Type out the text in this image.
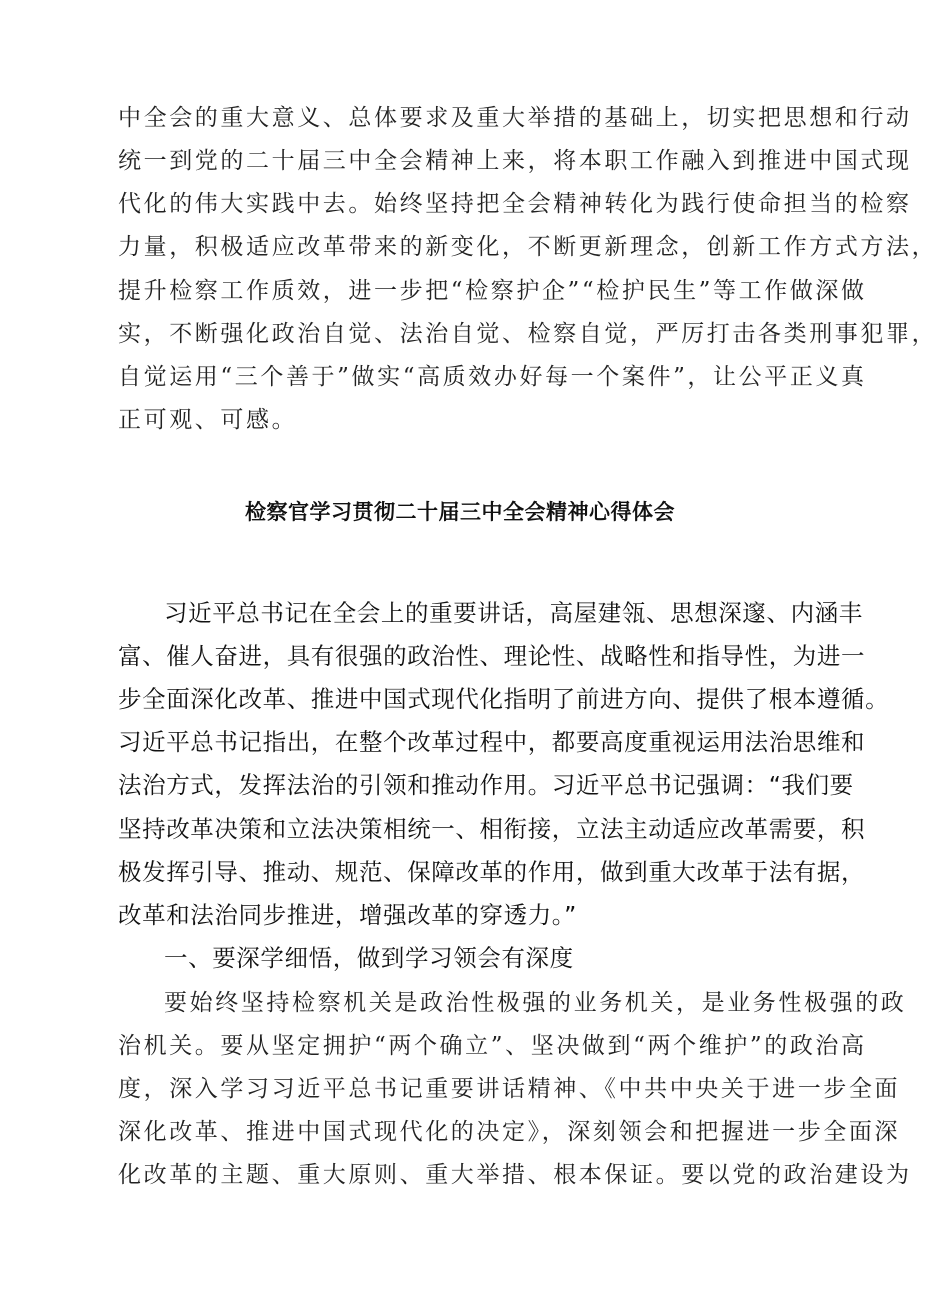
中全会的重大意义、总体要求及重大举措的基础上，切实把思想和行动

统一到党的二十届三中全会精神上来，将本职工作融入到推进中国式现

代化的伟大实践中去。始终坚持把全会精神转化为践行使命担当的检察

力量，积极适应改革带来的新变化，不断更新理念，创新工作方式方法，

提升检察工作质效，进一步把“检察护企”“检护民生”等工作做深做

实，不断强化政治自觉、法治自觉、检察自觉，严厉打击各类刑事犯罪，

自觉运用“三个善于”做实“高质效办好每一个案件”，让公平正义真

正可观、可感。

检察官学习贯彻二十届三中全会精神心得体会

习近平总书记在全会上的重要讲话，高屋建瓴、思想深邃、内涵丰

富、催人奋进，具有很强的政治性、理论性、战略性和指导性，为进一

步全面深化改革、推进中国式现代化指明了前进方向、提供了根本遵循。

习近平总书记指出，在整个改革过程中，都要高度重视运用法治思维和

法治方式，发挥法治的引领和推动作用。习近平总书记强调：“我们要

坚持改革决策和立法决策相统一、相衔接，立法主动适应改革需要，积

极发挥引导、推动、规范、保障改革的作用，做到重大改革于法有据，

改革和法治同步推进，增强改革的穿透力。”

一、要深学细悟，做到学习领会有深度

要始终坚持检察机关是政治性极强的业务机关，是业务性极强的政

治机关。要从坚定拥护“两个确立”、坚决做到“两个维护”的政治高

度，深入学习习近平总书记重要讲话精神、《中共中央关于进一步全面

深化改革、推进中国式现代化的决定》，深刻领会和把握进一步全面深

化改革的主题、重大原则、重大举措、根本保证。要以党的政治建设为
